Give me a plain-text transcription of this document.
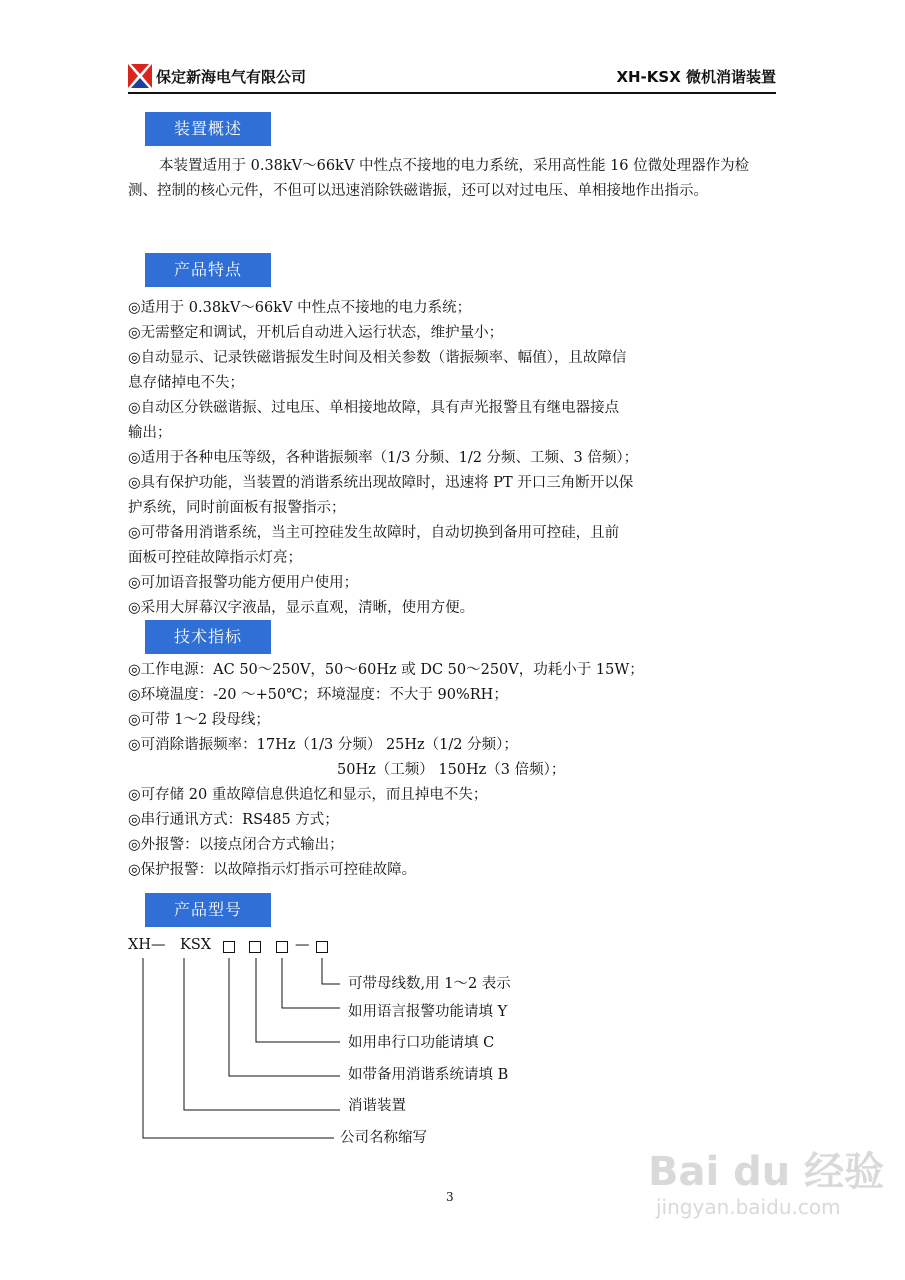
保定新海电气有限公司	XH-KSX 微机消谐装置
装置概述

本装置适用于 0.38kV～66kV 中性点不接地的电力系统，采用高性能 16 位微处理器作为检测、控制的核心元件，不但可以迅速消除铁磁谐振，还可以对过电压、单相接地作出指示。

产品特点
◎适用于 0.38kV～66kV 中性点不接地的电力系统；
◎无需整定和调试，开机后自动进入运行状态，维护量小；
◎自动显示、记录铁磁谐振发生时间及相关参数（谐振频率、幅值），且故障信
息存储掉电不失；
◎自动区分铁磁谐振、过电压、单相接地故障，具有声光报警且有继电器接点
输出；
◎适用于各种电压等级，各种谐振频率（1/3 分频、1/2 分频、工频、3 倍频）；
◎具有保护功能，当装置的消谐系统出现故障时，迅速将 PT 开口三角断开以保
护系统，同时前面板有报警指示；
◎可带备用消谐系统，当主可控硅发生故障时，自动切换到备用可控硅，且前
面板可控硅故障指示灯亮；
◎可加语音报警功能方便用户使用；
◎采用大屏幕汉字液晶，显示直观，清晰，使用方便。
技术指标
◎工作电源：AC 50～250V，50～60Hz 或 DC 50～250V，功耗小于 15W；
◎环境温度：-20 ～+50℃；环境湿度：不大于 90%RH；
◎可带 1～2 段母线；
◎可消除谐振频率：17Hz（1/3 分频） 25Hz（1/2 分频）；
50Hz（工频） 150Hz（3 倍频）；
◎可存储 20 重故障信息供追忆和显示，而且掉电不失；
◎串行通讯方式：RS485 方式；
◎外报警：以接点闭合方式输出；
◎保护报警：以故障指示灯指示可控硅故障。
产品型号
XH— KSX	—
可带母线数,用 1～2 表示
如用语言报警功能请填 Y
如用串行口功能请填 C
如带备用消谐系统请填 B
消谐装置
公司名称缩写
3
Bai du 经验
jingyan.baidu.com
